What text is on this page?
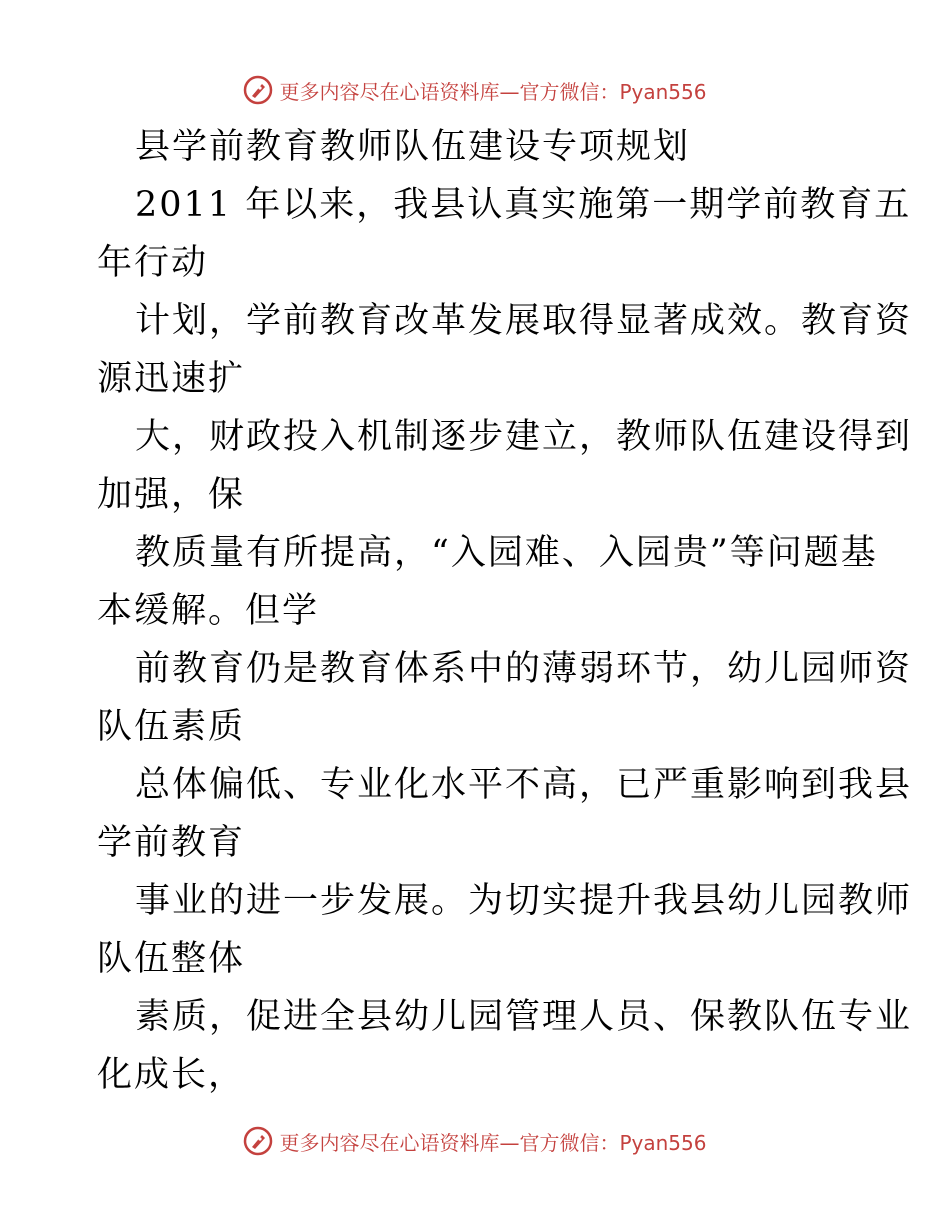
更多内容尽在心语资料库—官方微信：Pyan556
县学前教育教师队伍建设专项规划
2011 年以来，我县认真实施第一期学前教育五
年行动
计划，学前教育改革发展取得显著成效。教育资
源迅速扩
大，财政投入机制逐步建立，教师队伍建设得到
加强，保
教质量有所提高，“入园难、入园贵”等问题基
本缓解。但学
前教育仍是教育体系中的薄弱环节，幼儿园师资
队伍素质
总体偏低、专业化水平不高，已严重影响到我县
学前教育
事业的进一步发展。为切实提升我县幼儿园教师
队伍整体
素质，促进全县幼儿园管理人员、保教队伍专业
化成长，
更多内容尽在心语资料库—官方微信：Pyan556
